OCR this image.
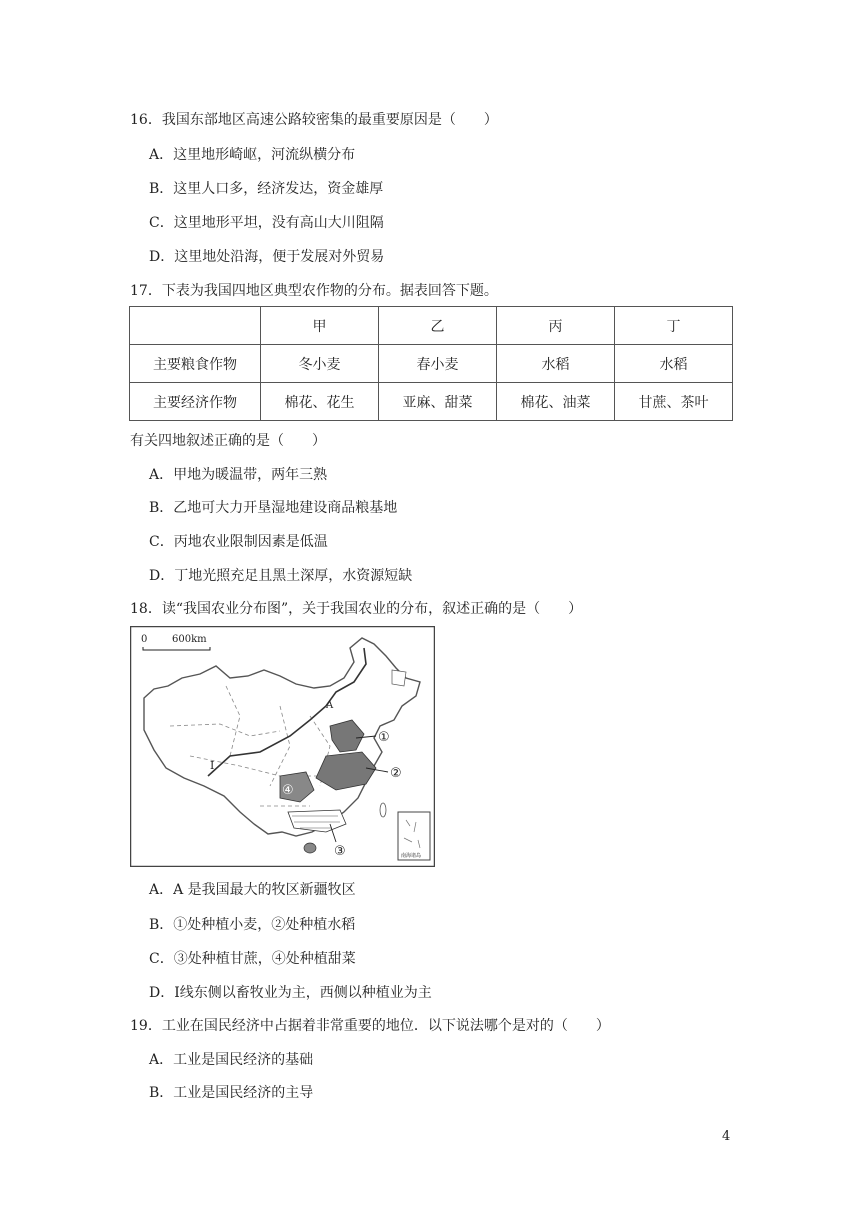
16．我国东部地区高速公路较密集的最重要原因是（　　）
A．这里地形崎岖，河流纵横分布
B．这里人口多，经济发达，资金雄厚
C．这里地形平坦，没有高山大川阻隔
D．这里地处沿海，便于发展对外贸易
17．下表为我国四地区典型农作物的分布。据表回答下题。
	甲	乙	丙	丁
主要粮食作物	冬小麦	春小麦	水稻	水稻
主要经济作物	棉花、花生	亚麻、甜菜	棉花、油菜	甘蔗、茶叶
有关四地叙述正确的是（　　）
A．甲地为暖温带，两年三熟
B．乙地可大力开垦湿地建设商品粮基地
C．丙地农业限制因素是低温
D．丁地光照充足且黑土深厚，水资源短缺
18．读“我国农业分布图”，关于我国农业的分布，叙述正确的是（　　）
0 600km
①
②
③
④
A
I
南海诸岛
A．A 是我国最大的牧区新疆牧区
B．①处种植小麦，②处种植水稻
C．③处种植甘蔗，④处种植甜菜
D．Ⅰ线东侧以畜牧业为主，西侧以种植业为主
19．工业在国民经济中占据着非常重要的地位．以下说法哪个是对的（　　）
A．工业是国民经济的基础
B．工业是国民经济的主导
4
